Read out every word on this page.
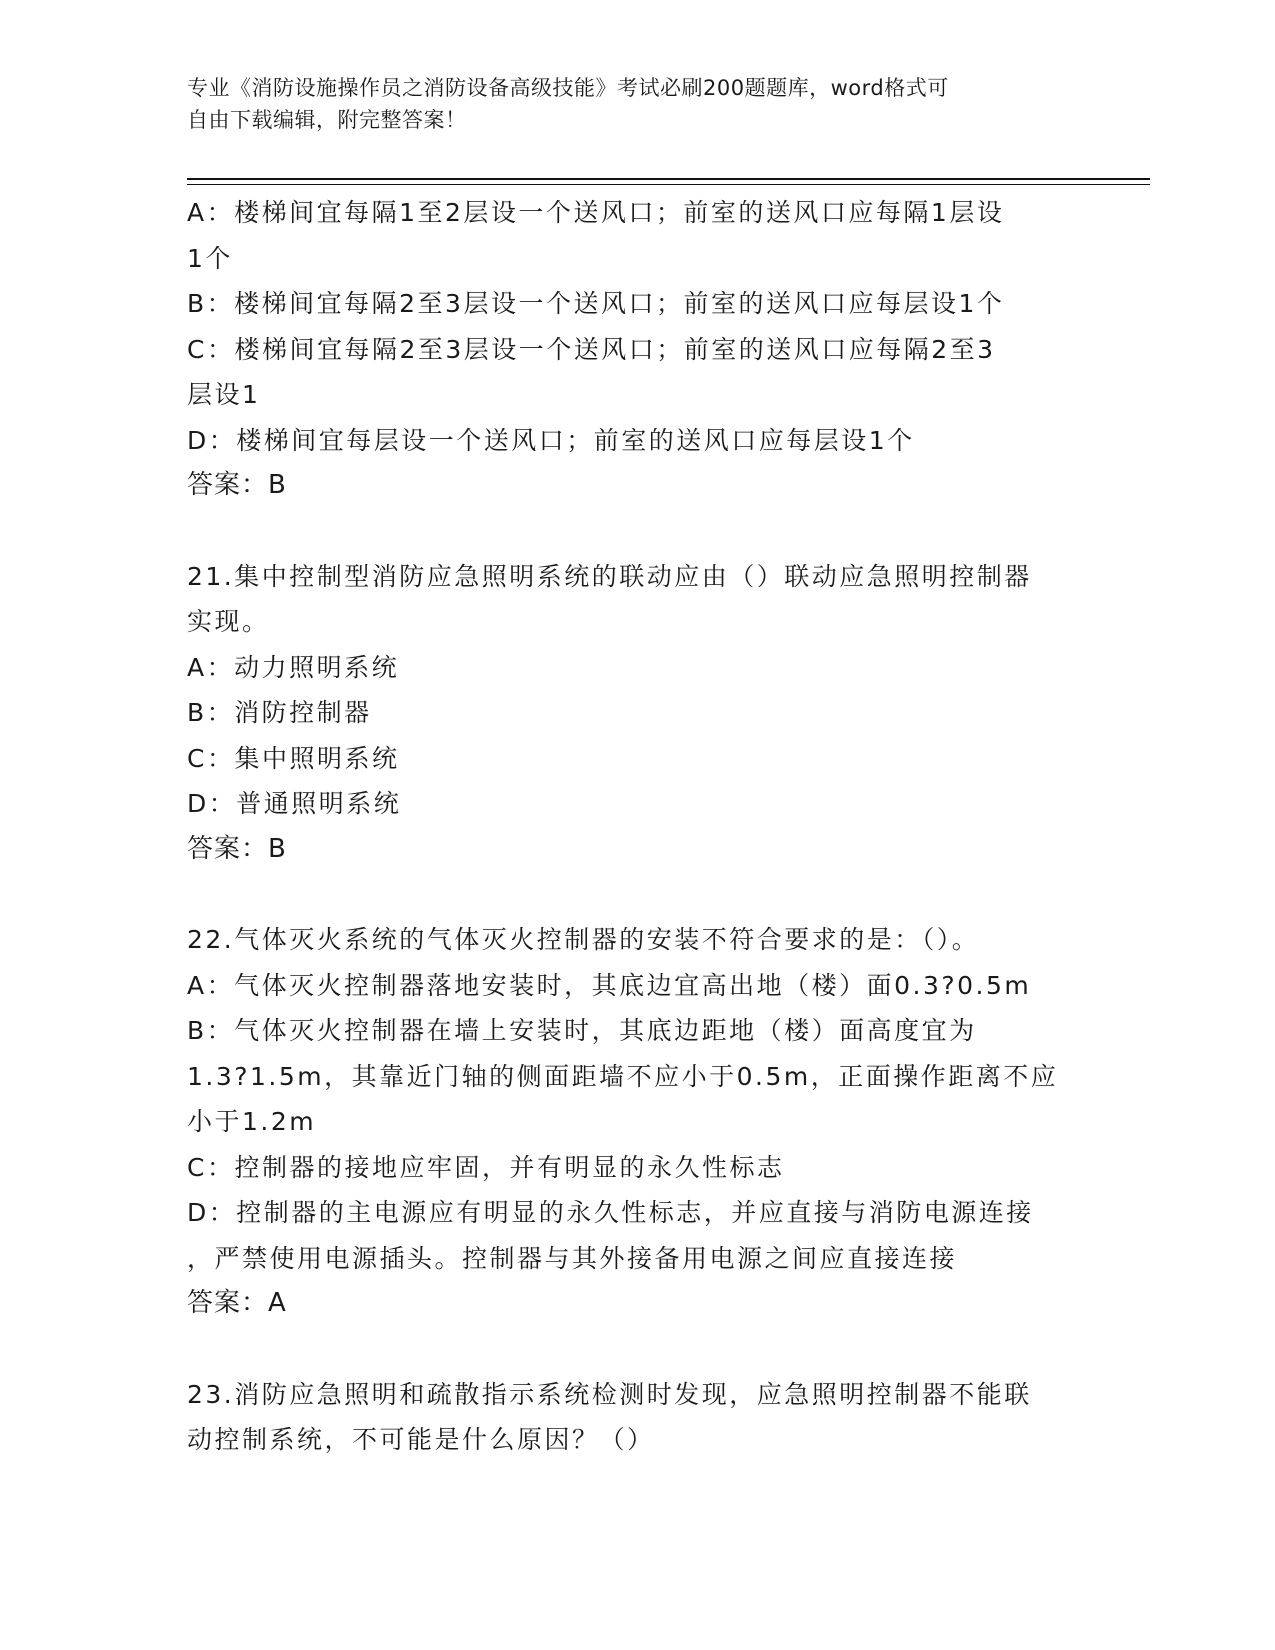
专业《消防设施操作员之消防设备高级技能》考试必刷200题题库，word格式可
自由下载编辑，附完整答案！
A：楼梯间宜每隔1至2层设一个送风口；前室的送风口应每隔1层设
1个
B：楼梯间宜每隔2至3层设一个送风口；前室的送风口应每层设1个
C：楼梯间宜每隔2至3层设一个送风口；前室的送风口应每隔2至3
层设1
D：楼梯间宜每层设一个送风口；前室的送风口应每层设1个
答案：B
21.集中控制型消防应急照明系统的联动应由（）联动应急照明控制器
实现。
A：动力照明系统
B：消防控制器
C：集中照明系统
D：普通照明系统
答案：B
22.气体灭火系统的气体灭火控制器的安装不符合要求的是：（）。
A：气体灭火控制器落地安装时，其底边宜高出地（楼）面0.3?0.5m
B：气体灭火控制器在墙上安装时，其底边距地（楼）面高度宜为
1.3?1.5m，其靠近门轴的侧面距墙不应小于0.5m，正面操作距离不应
小于1.2m
C：控制器的接地应牢固，并有明显的永久性标志
D：控制器的主电源应有明显的永久性标志，并应直接与消防电源连接
，严禁使用电源插头。控制器与其外接备用电源之间应直接连接
答案：A
23.消防应急照明和疏散指示系统检测时发现，应急照明控制器不能联
动控制系统，不可能是什么原因？（）
